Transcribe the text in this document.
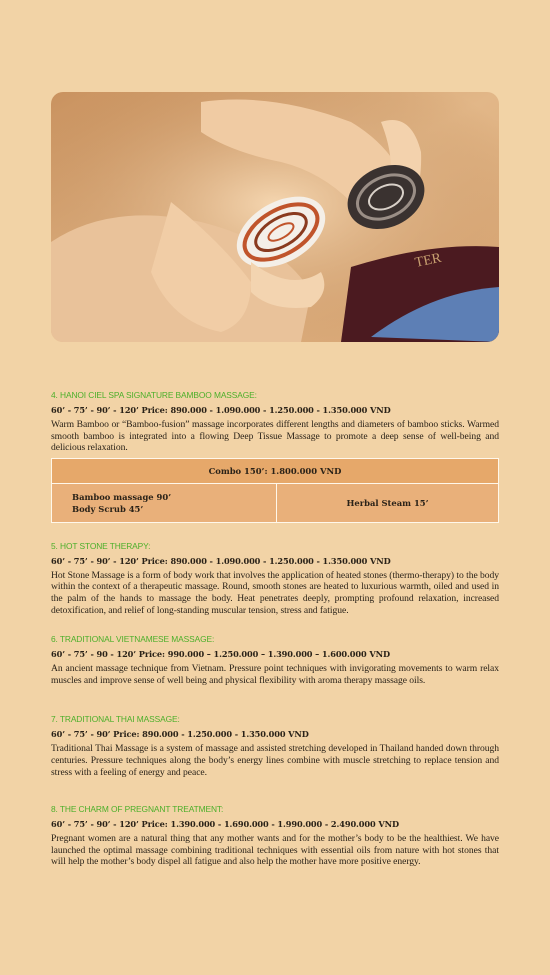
TER
4. HANOI CIEL SPA SIGNATURE BAMBOO MASSAGE:
60’ - 75’ - 90’ - 120’ Price: 890.000 - 1.090.000 - 1.250.000 - 1.350.000 VND

Warm Bamboo or “Bamboo-fusion” massage incorporates different lengths and diameters of bamboo sticks. Warmed smooth bamboo is integrated into a flowing Deep Tissue Massage to promote a deep sense of well-being and delicious relaxation.

Combo 150’: 1.800.000 VND

Bamboo massage 90’
Body Scrub 45’
	Herbal Steam 15’
5. HOT STONE THERAPY:
60’ - 75’ - 90’ - 120’ Price: 890.000 - 1.090.000 - 1.250.000 - 1.350.000 VND

Hot Stone Massage is a form of body work that involves the application of heated stones (thermo-therapy) to the body within the context of a therapeutic massage. Round, smooth stones are heated to luxurious warmth, oiled and used in the palm of the hands to massage the body. Heat penetrates deeply, prompting profound relaxation, increased detoxification, and relief of long-standing muscular tension, stress and fatigue.

6. TRADITIONAL VIETNAMESE MASSAGE:
60’ - 75’ - 90 - 120’ Price: 990.000 – 1.250.000 – 1.390.000 – 1.600.000 VND

An ancient massage technique from Vietnam. Pressure point techniques with invigorating movements to warm relax muscles and improve sense of well being and physical flexibility with aroma therapy massage oils.

7. TRADITIONAL THAI MASSAGE:
60’ - 75’ - 90’ Price: 890.000 - 1.250.000 - 1.350.000 VND

Traditional Thai Massage is a system of massage and assisted stretching developed in Thailand handed down through centuries. Pressure techniques along the body’s energy lines combine with muscle stretching to replace tension and stress with a feeling of energy and peace.

8. THE CHARM OF PREGNANT TREATMENT:
60’ - 75’ - 90’ - 120’ Price: 1.390.000 - 1.690.000 - 1.990.000 - 2.490.000 VND

Pregnant women are a natural thing that any mother wants and for the mother’s body to be the healthiest. We have launched the optimal massage combining traditional techniques with essential oils from nature with hot stones that will help the mother’s body dispel all fatigue and also help the mother have more positive energy.
